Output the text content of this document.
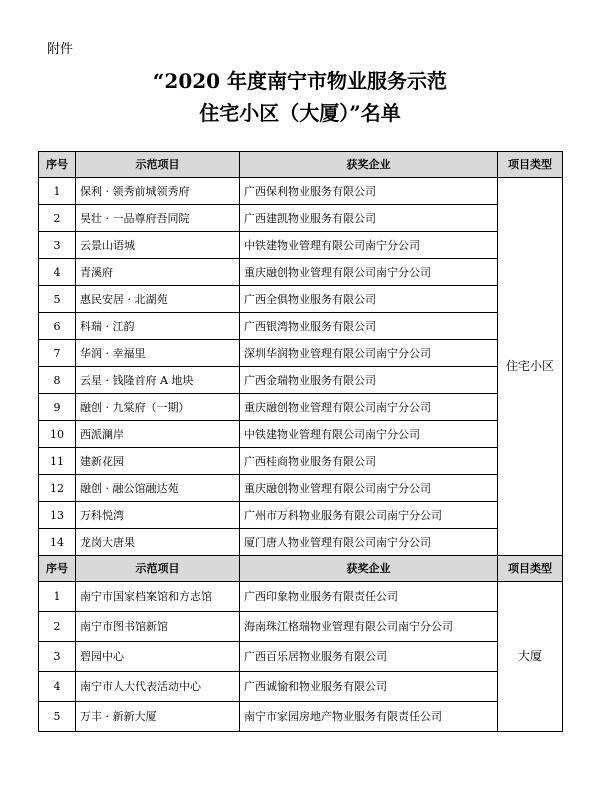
附件
“2020 年度南宁市物业服务示范
住宅小区（大厦）”名单
序号	示范项目	获奖企业	项目类型
1	保利 · 领秀前城领秀府	广西保利物业服务有限公司	住宅小区
2	昊壮 · 一品尊府吾同院	广西建凯物业服务有限公司	
3	云景山语城	中铁建物业管理有限公司南宁分公司	
4	青溪府	重庆融创物业管理有限公司南宁分公司	
5	惠民安居 · 北湖苑	广西全俱物业服务有限公司	
6	科瑞 · 江韵	广西银湾物业服务有限公司	
7	华润 · 幸福里	深圳华润物业管理有限公司南宁分公司	
8	云星 · 钱隆首府 A 地块	广西金瑞物业服务有限公司	
9	融创 · 九棠府（一期）	重庆融创物业管理有限公司南宁分公司	
10	西派澜岸	中铁建物业管理有限公司南宁分公司	
11	建新花园	广西桂商物业服务有限公司	
12	融创 · 融公馆融达苑	重庆融创物业管理有限公司南宁分公司	
13	万科悦湾	广州市万科物业服务有限公司南宁分公司	
14	龙岗大唐果	厦门唐人物业管理有限公司南宁分公司	
序号	示范项目	获奖企业	项目类型
1	南宁市国家档案馆和方志馆	广西印象物业服务有限责任公司	大厦
2	南宁市图书馆新馆	海南珠江格瑞物业管理有限公司南宁分公司	
3	碧园中心	广西百乐居物业服务有限公司	
4	南宁市人大代表活动中心	广西诚愉和物业服务有限公司	
5	万丰 · 新新大厦	南宁市家园房地产物业服务有限责任公司	
